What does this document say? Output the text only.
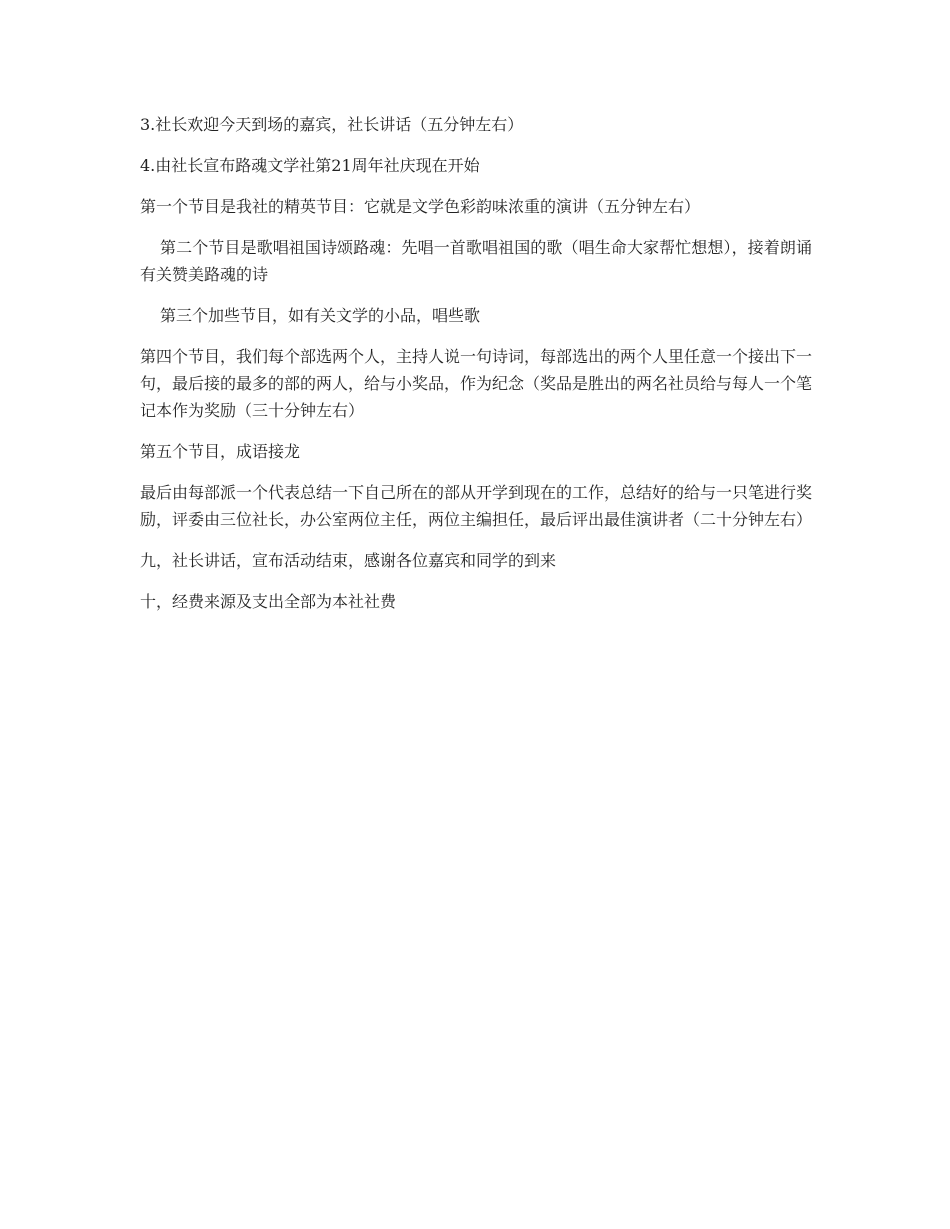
3.社长欢迎今天到场的嘉宾，社长讲话（五分钟左右）

4.由社长宣布路魂文学社第21周年社庆现在开始

第一个节目是我社的精英节目：它就是文学色彩韵味浓重的演讲（五分钟左右）

第二个节目是歌唱祖国诗颂路魂：先唱一首歌唱祖国的歌（唱生命大家帮忙想想），接着朗诵有关赞美路魂的诗

第三个加些节目，如有关文学的小品，唱些歌

第四个节目，我们每个部选两个人，主持人说一句诗词，每部选出的两个人里任意一个接出下一句，最后接的最多的部的两人，给与小奖品，作为纪念（奖品是胜出的两名社员给与每人一个笔记本作为奖励（三十分钟左右）

第五个节目，成语接龙

最后由每部派一个代表总结一下自己所在的部从开学到现在的工作，总结好的给与一只笔进行奖励，评委由三位社长，办公室两位主任，两位主编担任，最后评出最佳演讲者（二十分钟左右）

九，社长讲话，宣布活动结束，感谢各位嘉宾和同学的到来

十，经费来源及支出全部为本社社费
